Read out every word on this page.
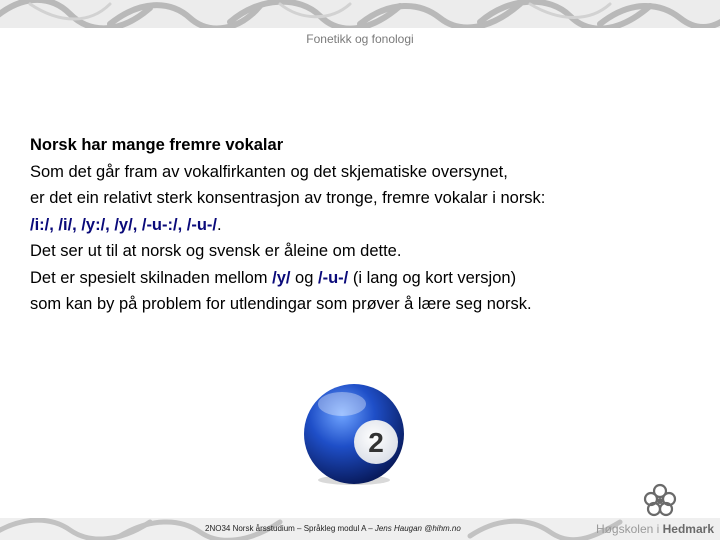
Fonetikk og fonologi
Norsk har mange fremre vokalar
Som det går fram av vokalfirkanten og det skjematiske oversynet,
er det ein relativt sterk konsentrasjon av tronge, fremre vokalar i norsk:
/i:/, /i/, /y:/, /y/, /-u-:/, /-u-/.
Det ser ut til at norsk og svensk er åleine om dette.
Det er spesielt skilnaden mellom /y/ og /-u-/ (i lang og kort versjon)
som kan by på problem for utlendingar som prøver å lære seg norsk.
2
2NO34 Norsk årsstudium – Språkleg modul A – Jens Haugan @hihm.no	Høgskolen i Hedmark
